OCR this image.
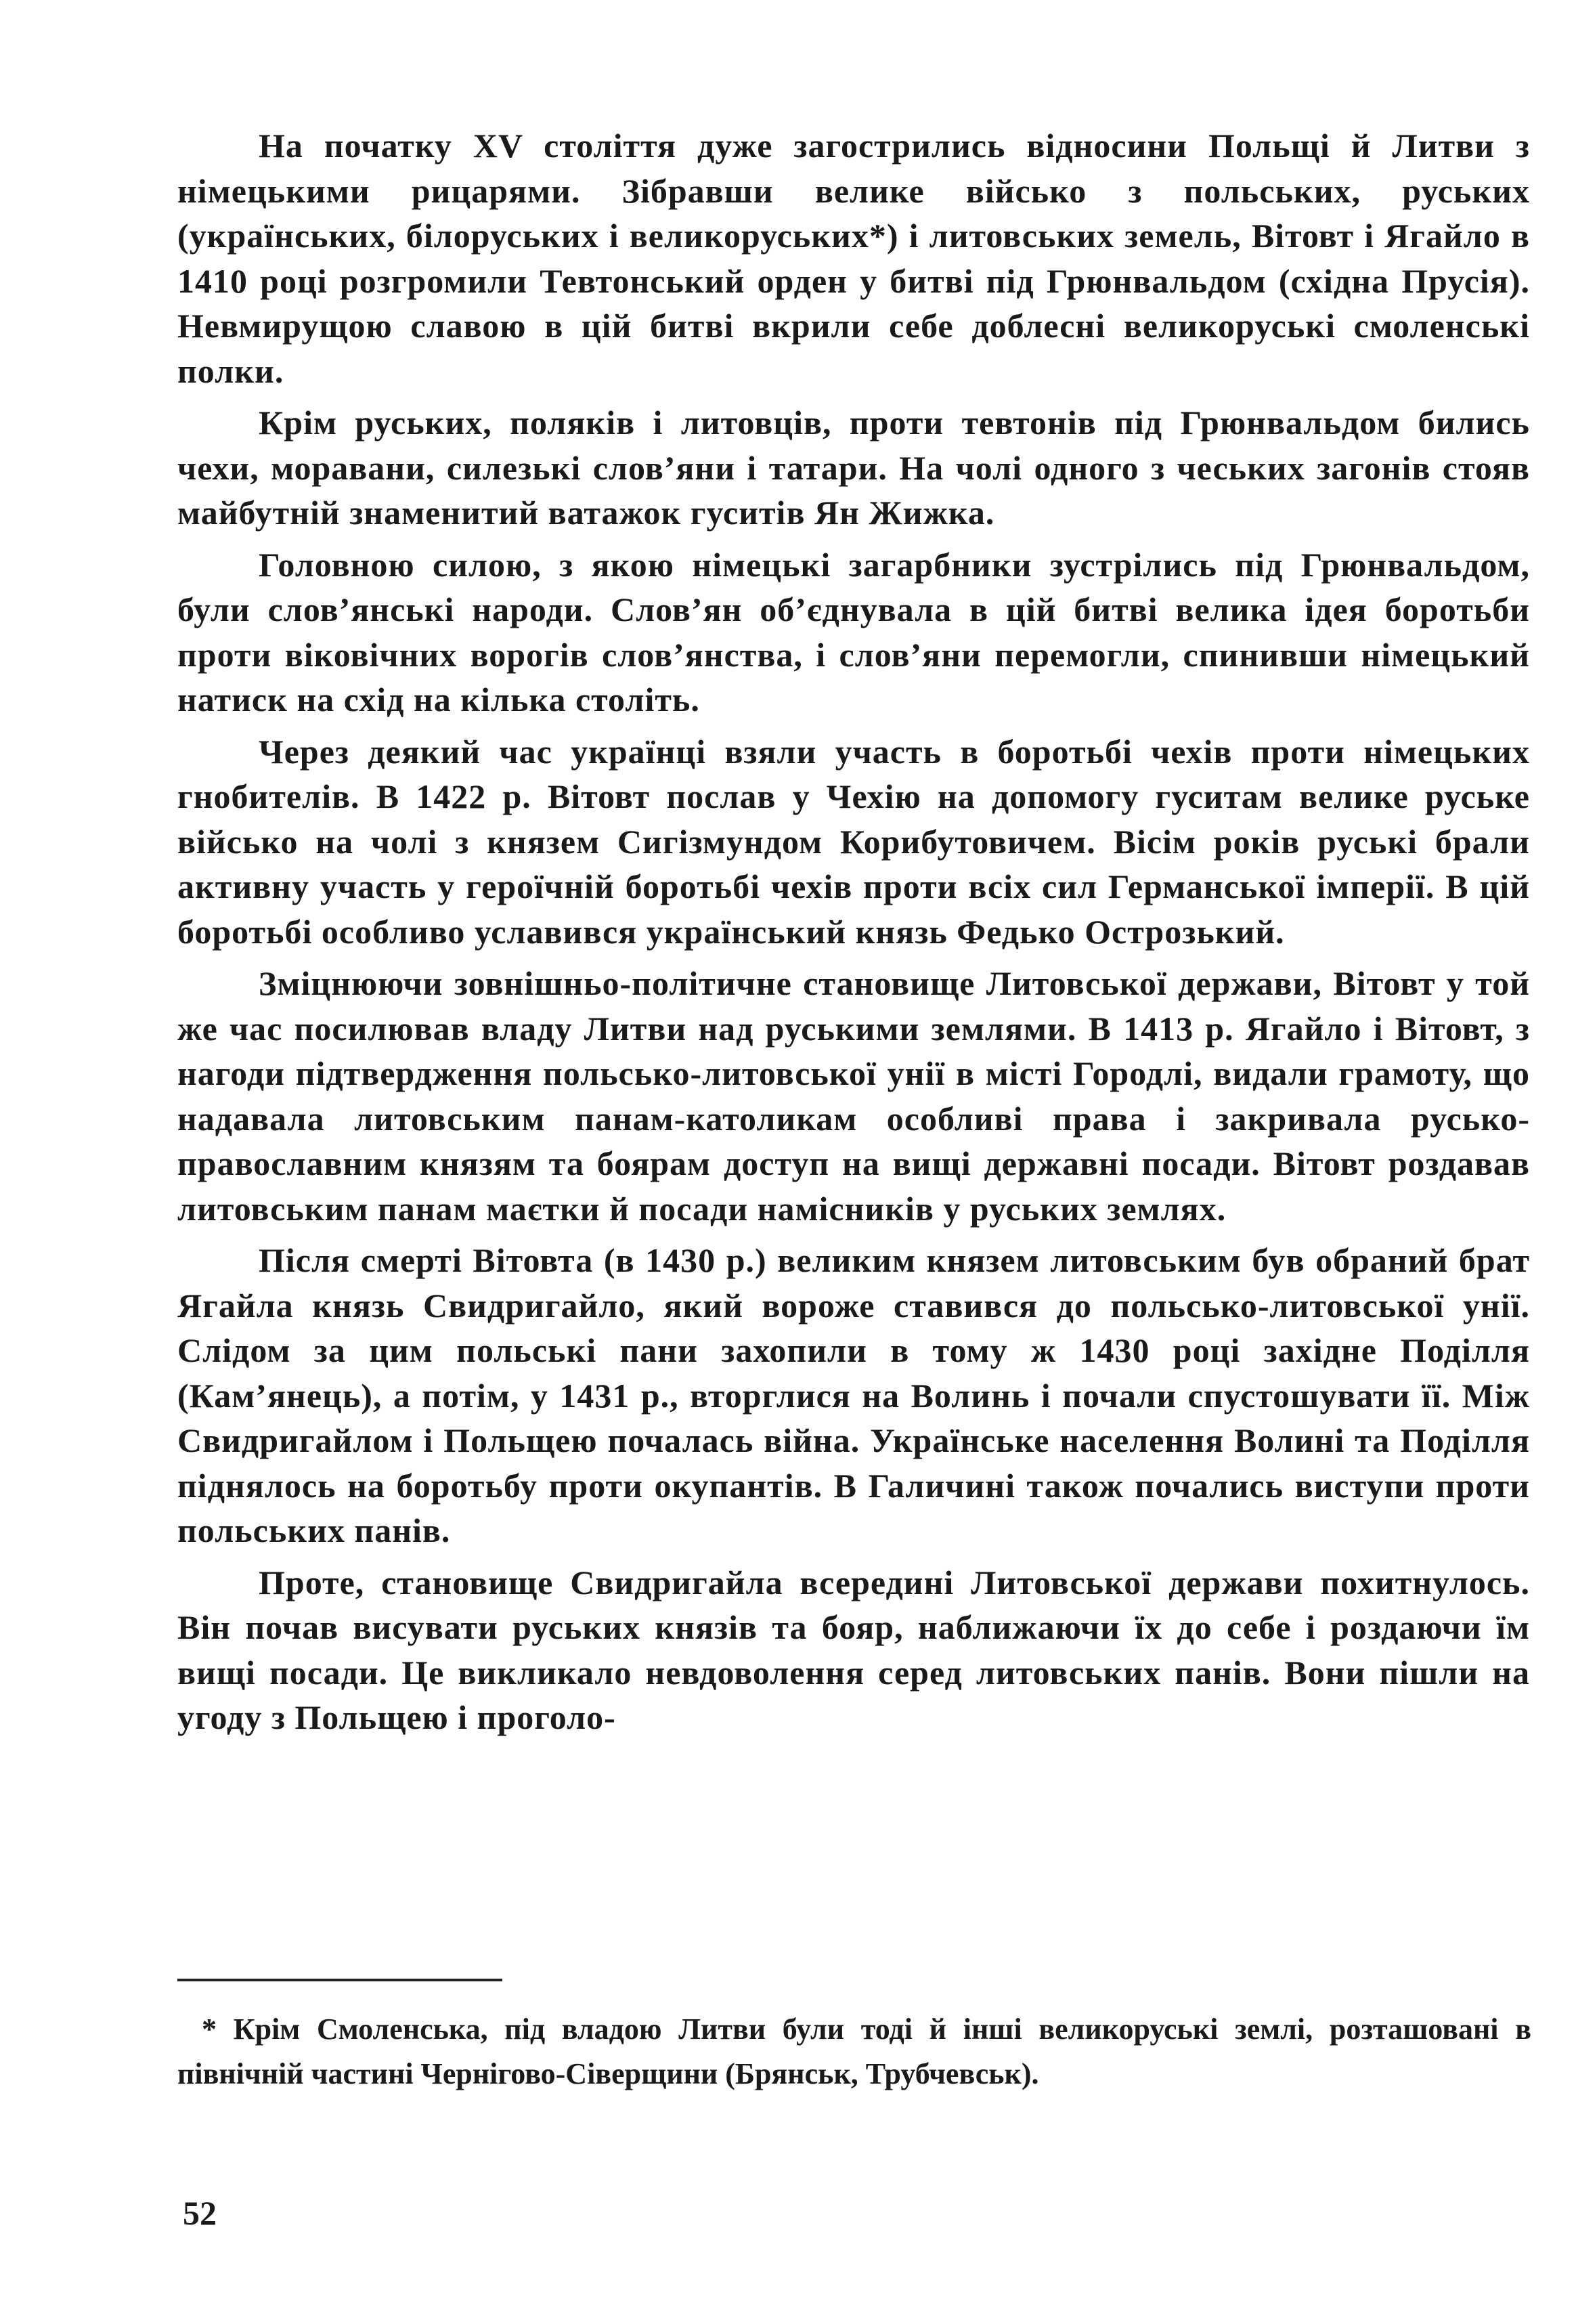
На початку XV століття дуже загострились відносини Польщі й Литви з німецькими рицарями. Зібравши велике військо з польських, руських (українських, білоруських і великоруських*) і литовських земель, Вітовт і Ягайло в 1410 році розгромили Тевтонський орден у битві під Грюнвальдом (східна Прусія). Невмирущою славою в цій битві вкрили себе доблесні великоруські смоленські полки.

Крім руських, поляків і литовців, проти тевтонів під Грюнвальдом бились чехи, моравани, силезькі слов’яни і татари. На чолі одного з чеських загонів стояв майбутній знаменитий ватажок гуситів Ян Жижка.

Головною силою, з якою німецькі загарбники зустрілись під Грюнвальдом, були слов’янські народи. Слов’ян об’єднувала в цій битві велика ідея боротьби проти віковічних ворогів слов’янства, і слов’яни перемогли, спинивши німецький натиск на схід на кілька століть.

Через деякий час українці взяли участь в боротьбі чехів проти німецьких гнобителів. В 1422 р. Вітовт послав у Чехію на допомогу гуситам велике руське військо на чолі з князем Сигізмундом Корибутовичем. Вісім років руські брали активну участь у героїчній боротьбі чехів проти всіх сил Германської імперії. В цій боротьбі особливо уславився український князь Федько Острозький.

Зміцнюючи зовнішньо-політичне становище Литовської держави, Вітовт у той же час посилював владу Литви над руськими землями. В 1413 р. Ягайло і Вітовт, з нагоди підтвердження польсько-литовської унії в місті Городлі, видали грамоту, що надавала литовським панам-католикам особливі права і закривала русько-православним князям та боярам доступ на вищі державні посади. Вітовт роздавав литовським панам маєтки й посади намісників у руських землях.

Після смерті Вітовта (в 1430 р.) великим князем литовським був обраний брат Ягайла князь Свидригайло, який вороже ставився до польсько-литовської унії. Слідом за цим польські пани захопили в тому ж 1430 році західне Поділля (Кам’янець), а потім, у 1431 р., вторглися на Волинь і почали спустошувати її. Між Свидригайлом і Польщею почалась війна. Українське населення Волині та Поділля піднялось на боротьбу проти окупантів. В Галичині також почались виступи проти польських панів.

Проте, становище Свидригайла всередині Литовської держави похитнулось. Він почав висувати руських князів та бояр, наближаючи їх до себе і роздаючи їм вищі посади. Це викликало невдоволення серед литовських панів. Вони пішли на угоду з Польщею і проголо-

* Крім Смоленська, під владою Литви були тоді й інші великоруські землі, розташовані в північній частині Чернігово-Сіверщини (Брянськ, Трубчевськ).

52
